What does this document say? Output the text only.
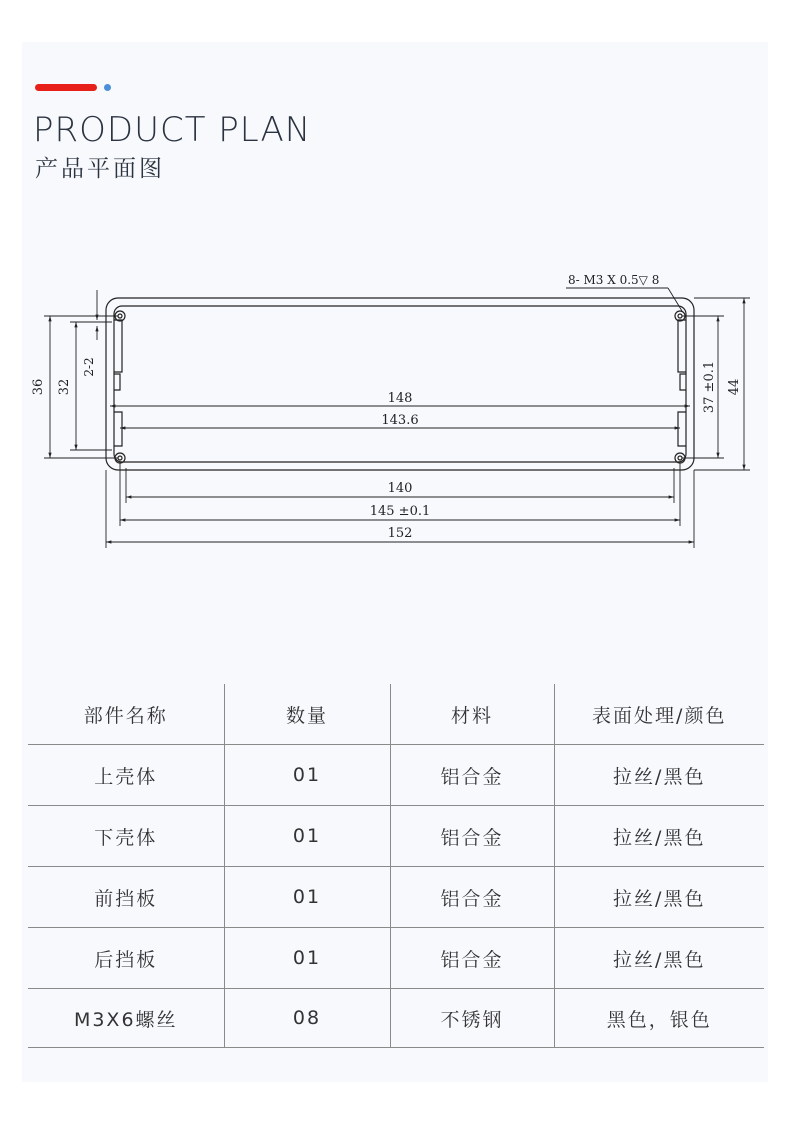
PRODUCT PLAN
产品平面图
148
143.6
140
145 ±0.1
152
36 32
2-2	37 ±0.1 44
8- M3 X 0.5▽ 8
部件名称	数量	材料	表面处理/颜色
上壳体	01	铝合金	拉丝/黑色
下壳体	01	铝合金	拉丝/黑色
前挡板	01	铝合金	拉丝/黑色
后挡板	01	铝合金	拉丝/黑色
M3X6螺丝	08	不锈钢	黑色，银色
